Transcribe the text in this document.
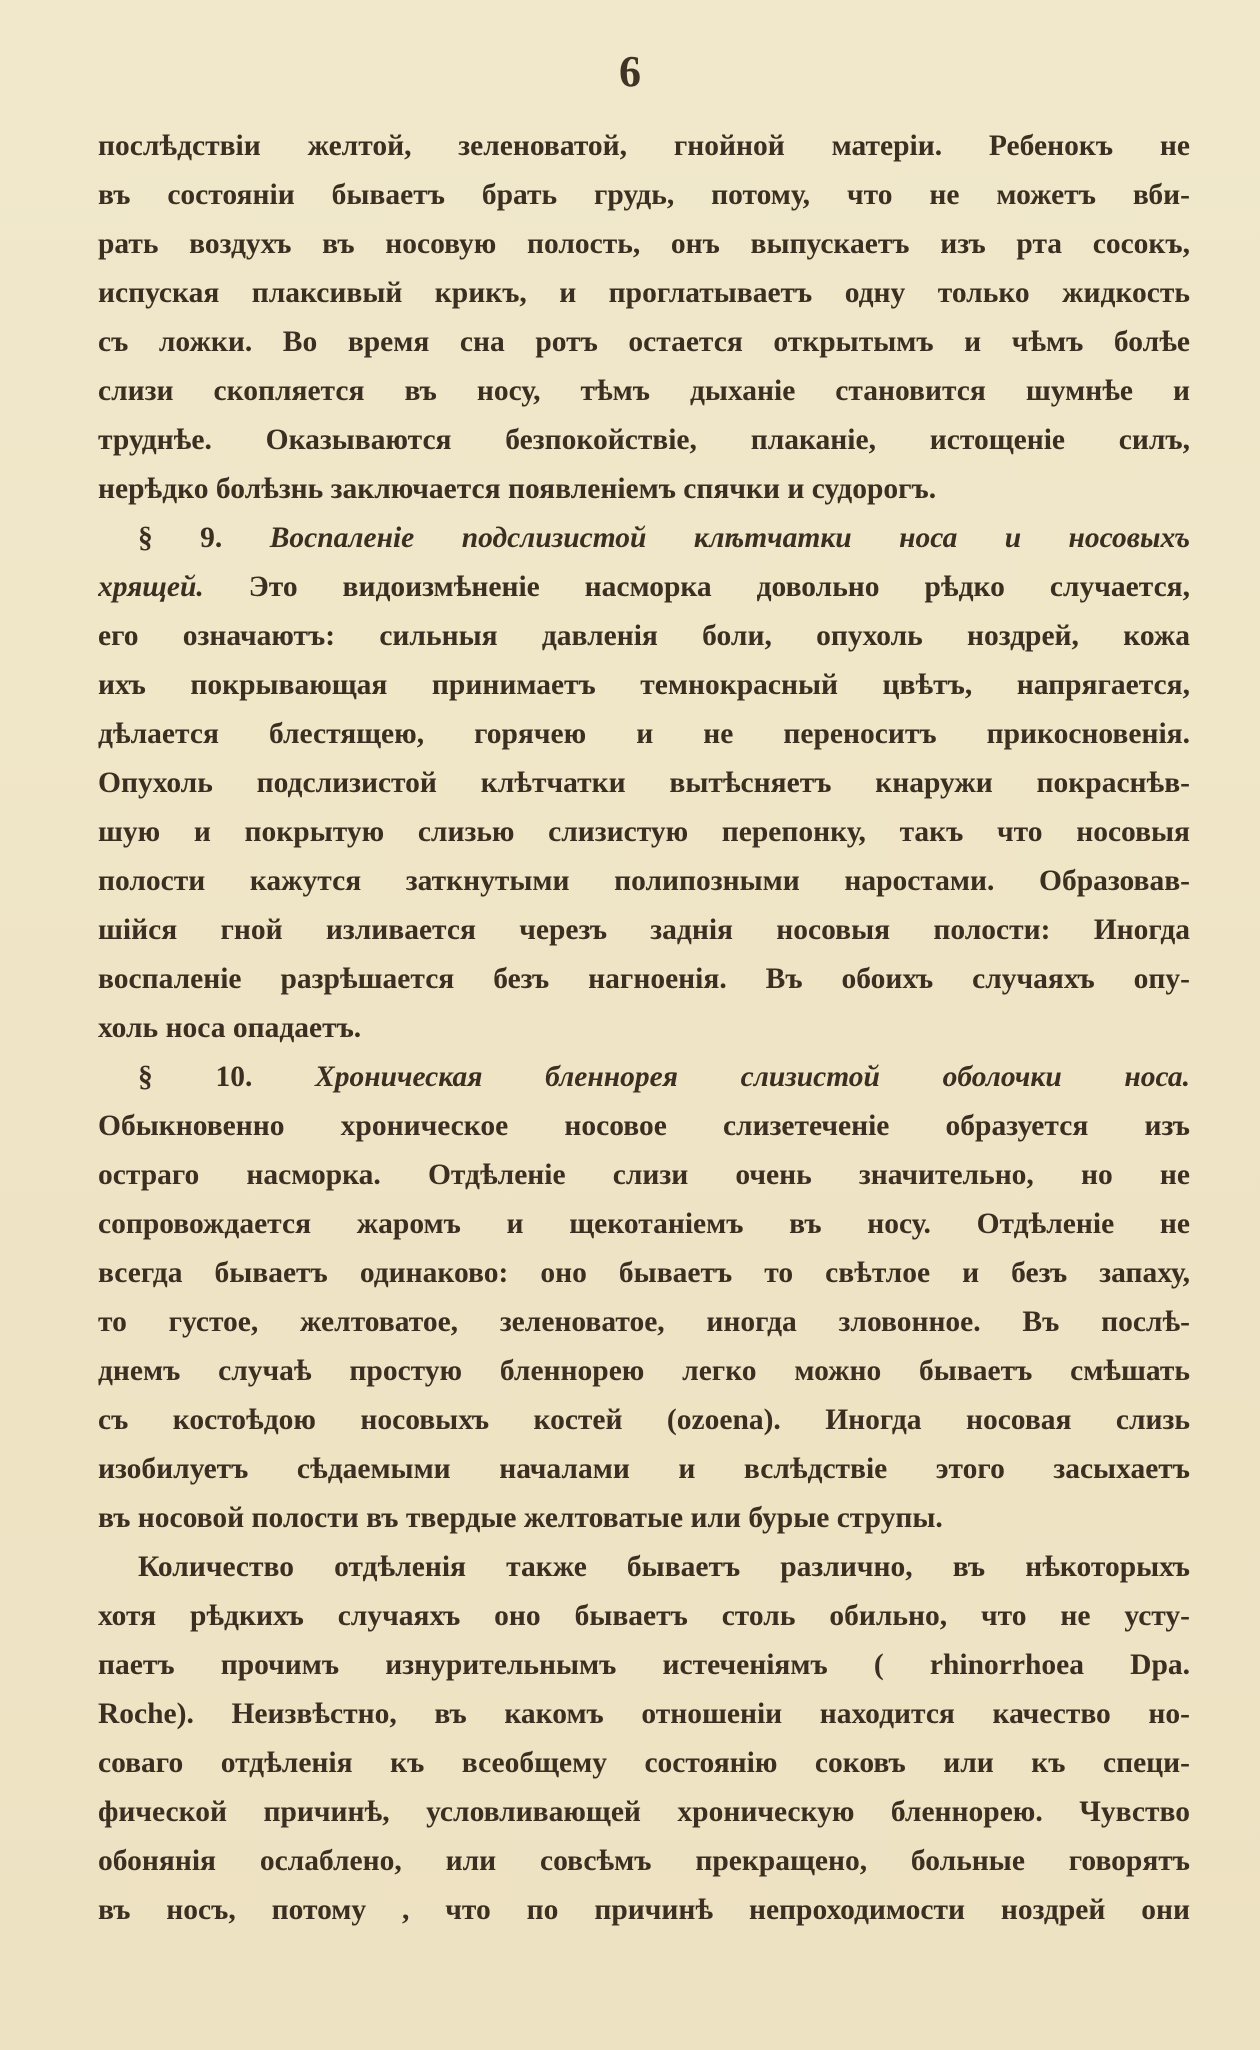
6
послѣдствіи желтой, зеленоватой, гнойной матеріи. Ребенокъ не
въ состояніи бываетъ брать грудь, потому, что не можетъ вби-
рать воздухъ въ носовую полость, онъ выпускаетъ изъ рта сосокъ,
испуская плаксивый крикъ, и проглатываетъ одну только жидкость
съ ложки. Во время сна ротъ остается открытымъ и чѣмъ болѣе
слизи скопляется въ носу, тѣмъ дыханіе становится шумнѣе и
труднѣе. Оказываются безпокойствіе, плаканіе, истощеніе силъ,
нерѣдко болѣзнь заключается появленіемъ спячки и судорогъ.
§ 9. Воспаленіе подслизистой клѣтчатки носа и носовыхъ
хрящей. Это видоизмѣненіе насморка довольно рѣдко случается,
его означаютъ: сильныя давленія боли, опухоль ноздрей, кожа
ихъ покрывающая принимаетъ темнокрасный цвѣтъ, напрягается,
дѣлается блестящею, горячею и не переноситъ прикосновенія.
Опухоль подслизистой клѣтчатки вытѣсняетъ кнаружи покраснѣв-
шую и покрытую слизью слизистую перепонку, такъ что носовыя
полости кажутся заткнутыми полипозными наростами. Образовав-
шійся гной изливается черезъ заднія носовыя полости: Иногда
воспаленіе разрѣшается безъ нагноенія. Въ обоихъ случаяхъ опу-
холь носа опадаетъ.
§ 10. Хроническая бленнорея слизистой оболочки носа.
Обыкновенно хроническое носовое слизетеченіе образуется изъ
остраго насморка. Отдѣленіе слизи очень значительно, но не
сопровождается жаромъ и щекотаніемъ въ носу. Отдѣленіе не
всегда бываетъ одинаково: оно бываетъ то свѣтлое и безъ запаху,
то густое, желтоватое, зеленоватое, иногда зловонное. Въ послѣ-
днемъ случаѣ простую бленнорею легко можно бываетъ смѣшать
съ костоѣдою носовыхъ костей (ozoena). Иногда носовая слизь
изобилуетъ сѣдаемыми началами и вслѣдствіе этого засыхаетъ
въ носовой полости въ твердые желтоватые или бурые струпы.
Количество отдѣленія также бываетъ различно, въ нѣкоторыхъ
хотя рѣдкихъ случаяхъ оно бываетъ столь обильно, что не усту-
паетъ прочимъ изнурительнымъ истеченіямъ ( rhinorrhoea Dра.
Roche). Неизвѣстно, въ какомъ отношеніи находится качество но-
соваго отдѣленія къ всеобщему состоянію соковъ или къ специ-
фической причинѣ, условливающей хроническую бленнорею. Чувство
обонянія ослаблено, или совсѣмъ прекращено, больные говорятъ
въ носъ, потому , что по причинѣ непроходимости ноздрей они
